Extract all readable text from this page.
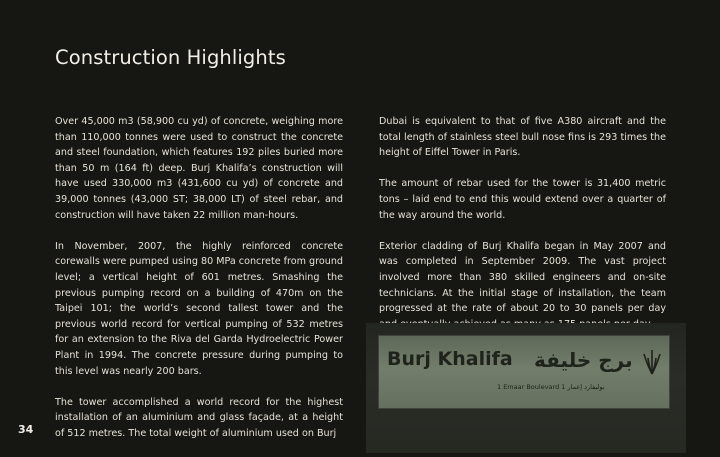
Construction Highlights

Over 45,000 m3 (58,900 cu yd) of concrete, weighing more than 110,000 tonnes were used to construct the concrete and steel foundation, which features 192 piles buried more than 50 m (164 ft) deep. Burj Khalifa’s construction will have used 330,000 m3 (431,600 cu yd) of concrete and 39,000 tonnes (43,000 ST; 38,000 LT) of steel rebar, and construction will have taken 22 million man-hours.

In November, 2007, the highly reinforced concrete corewalls were pumped using 80 MPa concrete from ground level; a vertical height of 601 metres. Smashing the previous pumping record on a building of 470m on the Taipei 101; the world’s second tallest tower and the previous world record for vertical pumping of 532 metres for an extension to the Riva del Garda Hydroelectric Power Plant in 1994. The concrete pressure during pumping to this level was nearly 200 bars.

The tower accomplished a world record for the highest installation of an aluminium and glass façade, at a height of 512 metres. The total weight of aluminium used on Burj

Dubai is equivalent to that of five A380 aircraft and the total length of stainless steel bull nose fins is 293 times the height of Eiffel Tower in Paris.

The amount of rebar used for the tower is 31,400 metric tons – laid end to end this would extend over a quarter of the way around the world.

Exterior cladding of Burj Khalifa began in May 2007 and was completed in September 2009. The vast project involved more than 380 skilled engineers and on-site technicians. At the initial stage of installation, the team progressed at the rate of about 20 to 30 panels per day

Burj Khalifa برج خليفة
1 Emaar Boulevard بوليفارد إعمار 1
34
